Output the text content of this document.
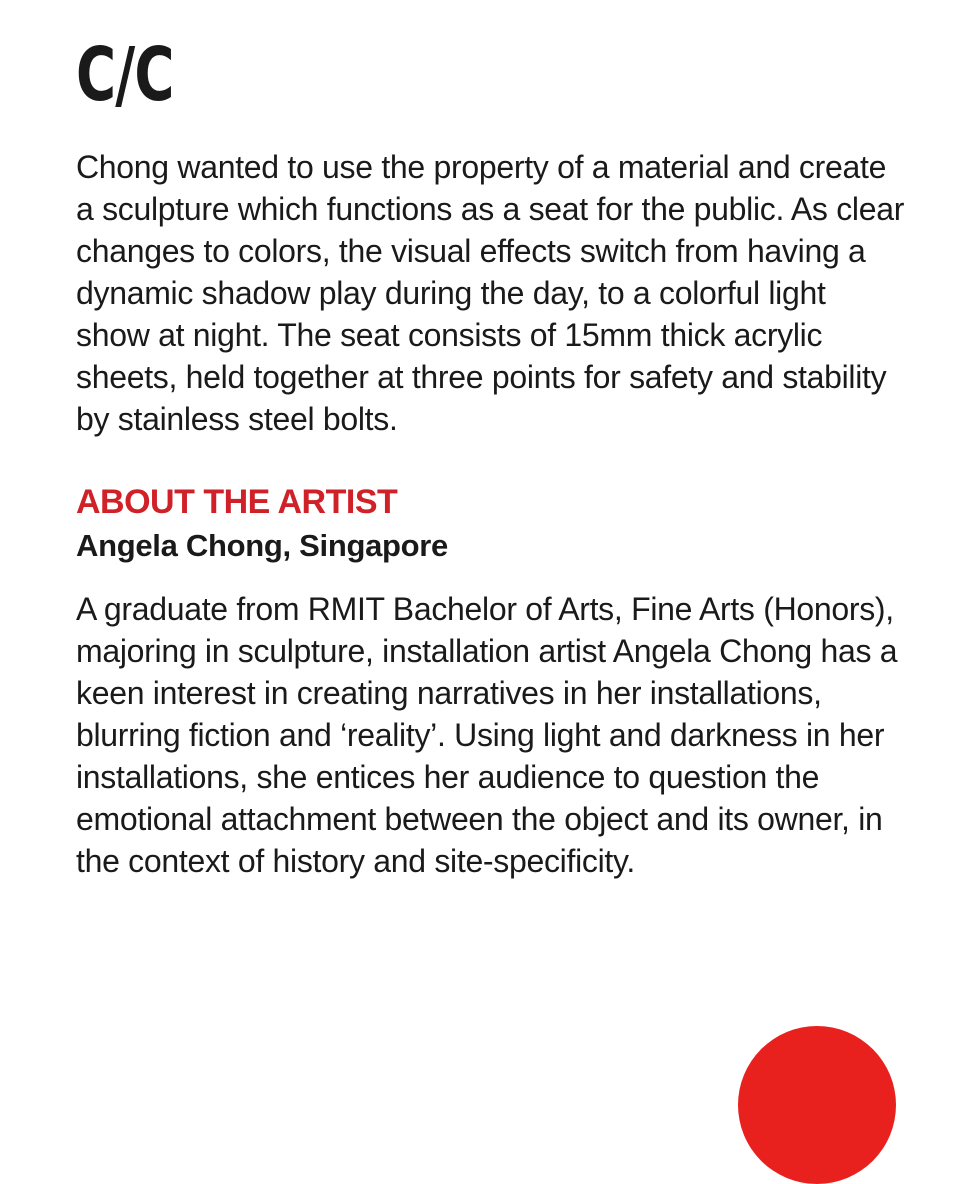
C/C

Chong wanted to use the property of a material and create a sculpture which functions as a seat for the public. As clear changes to colors, the visual effects switch from having a dynamic shadow play during the day, to a colorful light show at night. The seat consists of 15mm thick acrylic sheets, held together at three points for safety and stability by stainless steel bolts.

ABOUT THE ARTIST

Angela Chong, Singapore

A graduate from RMIT Bachelor of Arts, Fine Arts (Honors), majoring in sculpture, installation artist Angela Chong has a keen interest in creating narratives in her installations, blurring fiction and ‘reality’. Using light and darkness in her installations, she entices her audience to question the emotional attachment between the object and its owner, in the context of history and site-specificity.
